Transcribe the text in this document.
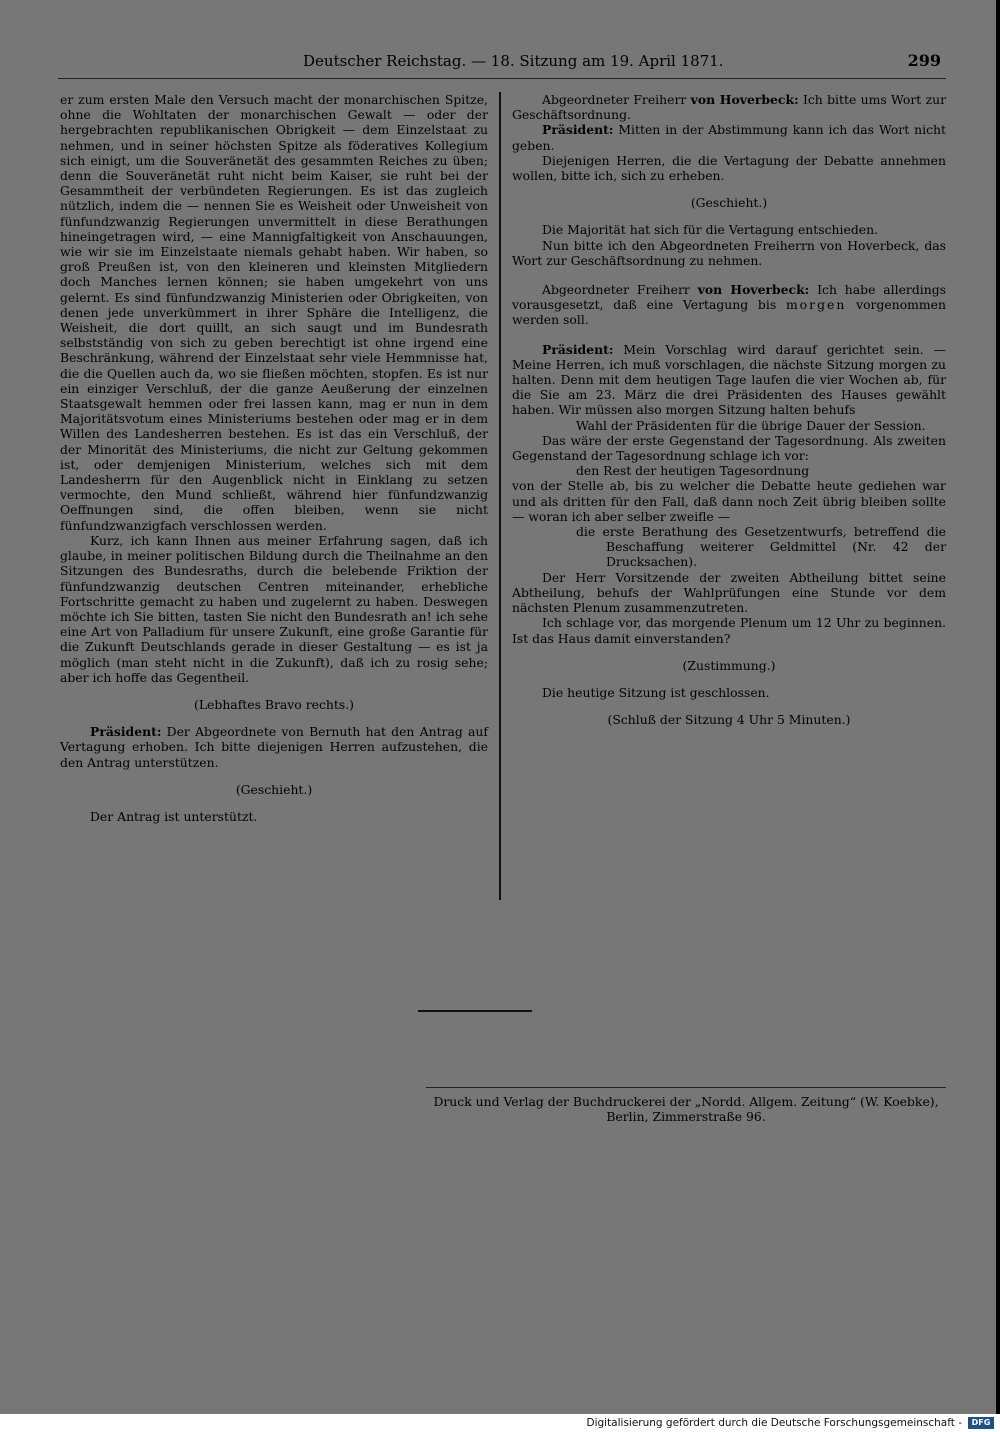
Deutscher Reichstag. — 18. Sitzung am 19. April 1871.	299

er zum ersten Male den Versuch macht der monarchischen Spitze, ohne die Wohltaten der monarchischen Gewalt — oder der hergebrachten republikanischen Obrigkeit — dem Einzelstaat zu nehmen, und in seiner höchsten Spitze als föderatives Kollegium sich einigt, um die Souveränetät des gesammten Reiches zu üben; denn die Souveränetät ruht nicht beim Kaiser, sie ruht bei der Gesammtheit der verbündeten Regierungen. Es ist das zugleich nützlich, indem die — nennen Sie es Weisheit oder Unweisheit von fünfundzwanzig Regierungen unvermittelt in diese Berathungen hineingetragen wird, — eine Mannigfaltigkeit von Anschauungen, wie wir sie im Einzelstaate niemals gehabt haben. Wir haben, so groß Preußen ist, von den kleineren und kleinsten Mitgliedern doch Manches lernen können; sie haben umgekehrt von uns gelernt. Es sind fünfundzwanzig Ministerien oder Obrigkeiten, von denen jede unverkümmert in ihrer Sphäre die Intelligenz, die Weisheit, die dort quillt, an sich saugt und im Bundesrath selbstständig von sich zu geben berechtigt ist ohne irgend eine Beschränkung, während der Einzelstaat sehr viele Hemmnisse hat, die die Quellen auch da, wo sie fließen möchten, stopfen. Es ist nur ein einziger Verschluß, der die ganze Aeußerung der einzelnen Staatsgewalt hemmen oder frei lassen kann, mag er nun in dem Majoritätsvotum eines Ministeriums bestehen oder mag er in dem Willen des Landesherren bestehen. Es ist das ein Verschluß, der der Minorität des Ministeriums, die nicht zur Geltung gekommen ist, oder demjenigen Ministerium, welches sich mit dem Landesherrn für den Augenblick nicht in Einklang zu setzen vermochte, den Mund schließt, während hier fünfundzwanzig Oeffnungen sind, die offen bleiben, wenn sie nicht fünfundzwanzigfach verschlossen werden.

Kurz, ich kann Ihnen aus meiner Erfahrung sagen, daß ich glaube, in meiner politischen Bildung durch die Theilnahme an den Sitzungen des Bundesraths, durch die belebende Friktion der fünfundzwanzig deutschen Centren miteinander, erhebliche Fortschritte gemacht zu haben und zugelernt zu haben. Deswegen möchte ich Sie bitten, tasten Sie nicht den Bundesrath an! ich sehe eine Art von Palladium für unsere Zukunft, eine große Garantie für die Zukunft Deutschlands gerade in dieser Gestaltung — es ist ja möglich (man steht nicht in die Zukunft), daß ich zu rosig sehe; aber ich hoffe das Gegentheil.

(Lebhaftes Bravo rechts.)

Präsident: Der Abgeordnete von Bernuth hat den Antrag auf Vertagung erhoben. Ich bitte diejenigen Herren aufzustehen, die den Antrag unterstützen.

(Geschieht.)

Der Antrag ist unterstützt.

Abgeordneter Freiherr von Hoverbeck: Ich bitte ums Wort zur Geschäftsordnung.

Präsident: Mitten in der Abstimmung kann ich das Wort nicht geben.

Diejenigen Herren, die die Vertagung der Debatte annehmen wollen, bitte ich, sich zu erheben.

(Geschieht.)

Die Majorität hat sich für die Vertagung entschieden.

Nun bitte ich den Abgeordneten Freiherrn von Hoverbeck, das Wort zur Geschäftsordnung zu nehmen.

Abgeordneter Freiherr von Hoverbeck: Ich habe allerdings vorausgesetzt, daß eine Vertagung bis morgen vorgenommen werden soll.

Präsident: Mein Vorschlag wird darauf gerichtet sein. — Meine Herren, ich muß vorschlagen, die nächste Sitzung morgen zu halten. Denn mit dem heutigen Tage laufen die vier Wochen ab, für die Sie am 23. März die drei Präsidenten des Hauses gewählt haben. Wir müssen also morgen Sitzung halten behufs

Wahl der Präsidenten für die übrige Dauer der Session.

Das wäre der erste Gegenstand der Tagesordnung. Als zweiten Gegenstand der Tagesordnung schlage ich vor:

den Rest der heutigen Tagesordnung

von der Stelle ab, bis zu welcher die Debatte heute gediehen war und als dritten für den Fall, daß dann noch Zeit übrig bleiben sollte — woran ich aber selber zweifle —

die erste Berathung des Gesetzentwurfs, betreffend die Beschaffung weiterer Geldmittel (Nr. 42 der Drucksachen).

Der Herr Vorsitzende der zweiten Abtheilung bittet seine Abtheilung, behufs der Wahlprüfungen eine Stunde vor dem nächsten Plenum zusammenzutreten.

Ich schlage vor, das morgende Plenum um 12 Uhr zu beginnen. Ist das Haus damit einverstanden?

(Zustimmung.)

Die heutige Sitzung ist geschlossen.

(Schluß der Sitzung 4 Uhr 5 Minuten.)

Druck und Verlag der Buchdruckerei der „Nordd. Allgem. Zeitung“ (W. Koebke),
Berlin, Zimmerstraße 96.
Digitalisierung gefördert durch die Deutsche Forschungsgemeinschaft -	DFG
